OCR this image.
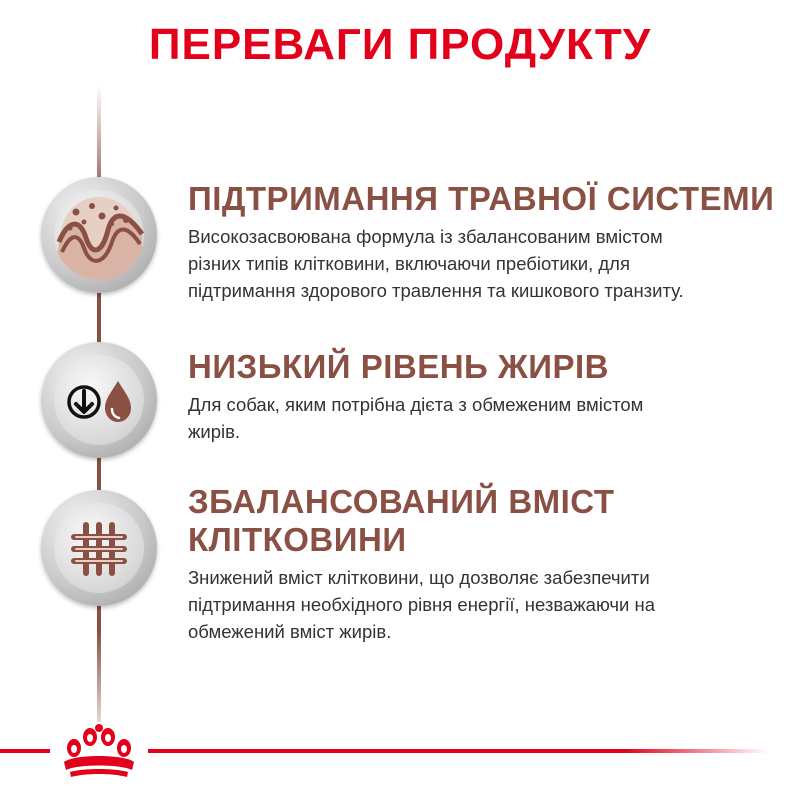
ПЕРЕВАГИ ПРОДУКТУ
ПІДТРИМАННЯ ТРАВНОЇ СИСТЕМИ

Високозасвоювана формула із збалансованим вмістом
різних типів клітковини, включаючи пребіотики, для
підтримання здорового травлення та кишкового транзиту.

НИЗЬКИЙ РІВЕНЬ ЖИРІВ

Для собак, яким потрібна дієта з обмеженим вмістом
жирів.

ЗБАЛАНСОВАНИЙ ВМІСТ КЛІТКОВИНИ

Знижений вміст клітковини, що дозволяє забезпечити
підтримання необхідного рівня енергії, незважаючи на
обмежений вміст жирів.
